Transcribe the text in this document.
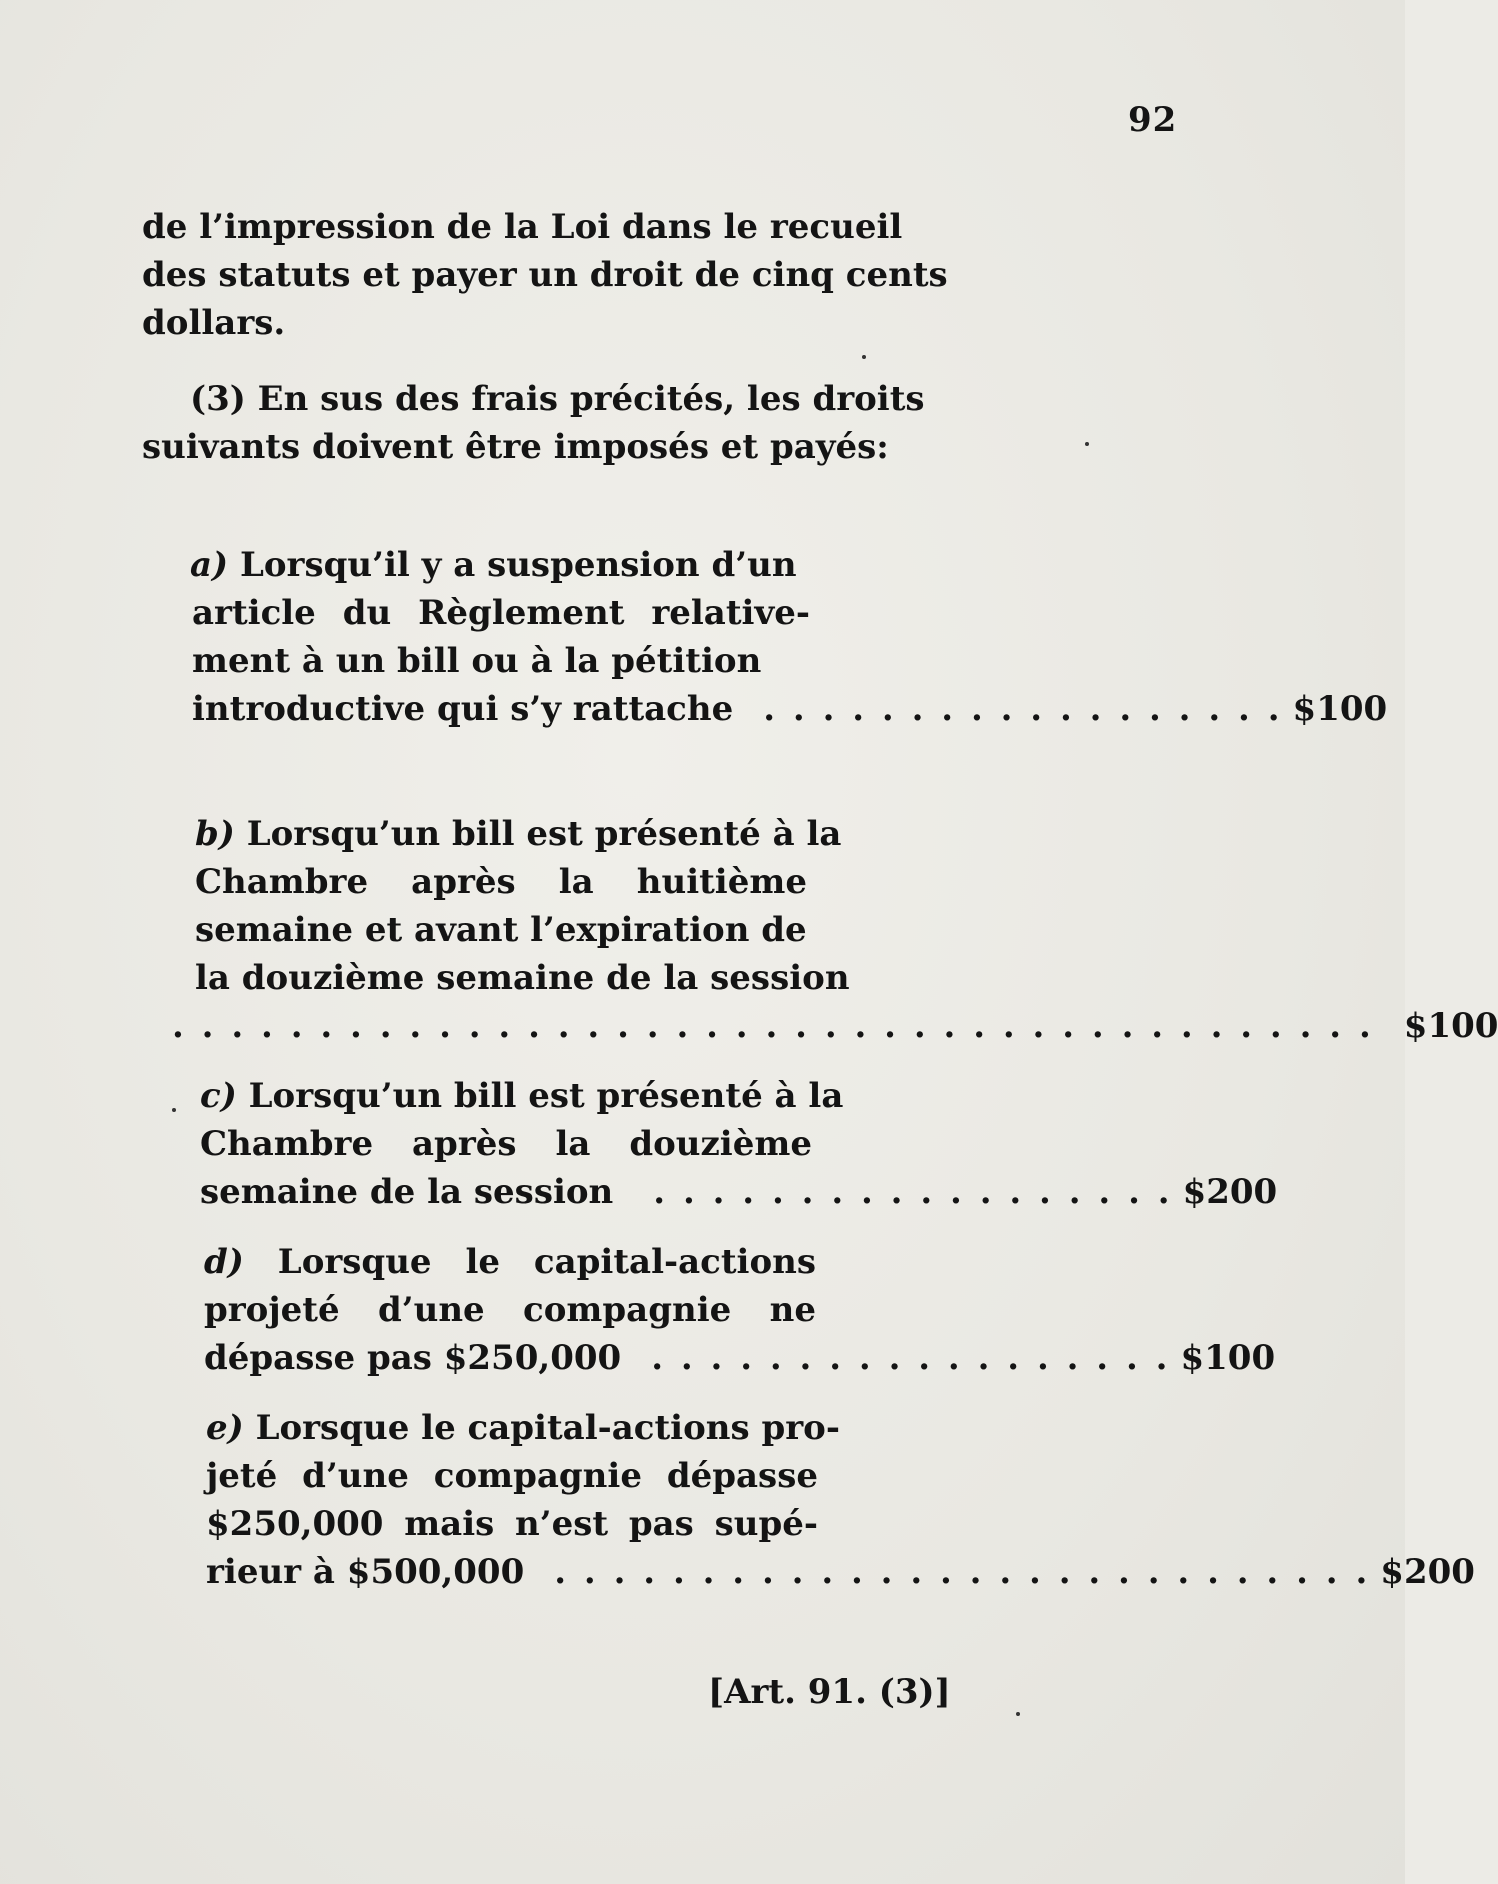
92
de l’impression de la Loi dans le recueil
des statuts et payer un droit de cinq cents
dollars.
(3) En sus des frais précités, les droits
suivants doivent être imposés et payés:
a) Lorsqu’il y a suspension d’un
article du Règlement relative-
ment à un bill ou à la pétition
introductive qui s’y rattache . . . . . . . . . . . . . . . . . . $100
b) Lorsqu’un bill est présenté à la
Chambre après la huitième
semaine et avant l’expiration de
la douzième semaine de la session
. . . . . . . . . . . . . . . . . . . . . . . . . . . . . . . . . . . . . . . . . $100
c) Lorsqu’un bill est présenté à la
Chambre après la douzième
semaine de la session	. . . . . . . . . . . . . . . . . . $200
d) Lorsque le capital-actions
projeté d’une compagnie ne
dépasse pas $250,000 . . . . . . . . . . . . . . . . . . $100
e) Lorsque le capital-actions pro-
jeté d’une compagnie dépasse
$250,000 mais n’est pas supé-
rieur à $500,000 . . . . . . . . . . . . . . . . . . . . . . . . . . . . $200
[Art. 91. (3)]
